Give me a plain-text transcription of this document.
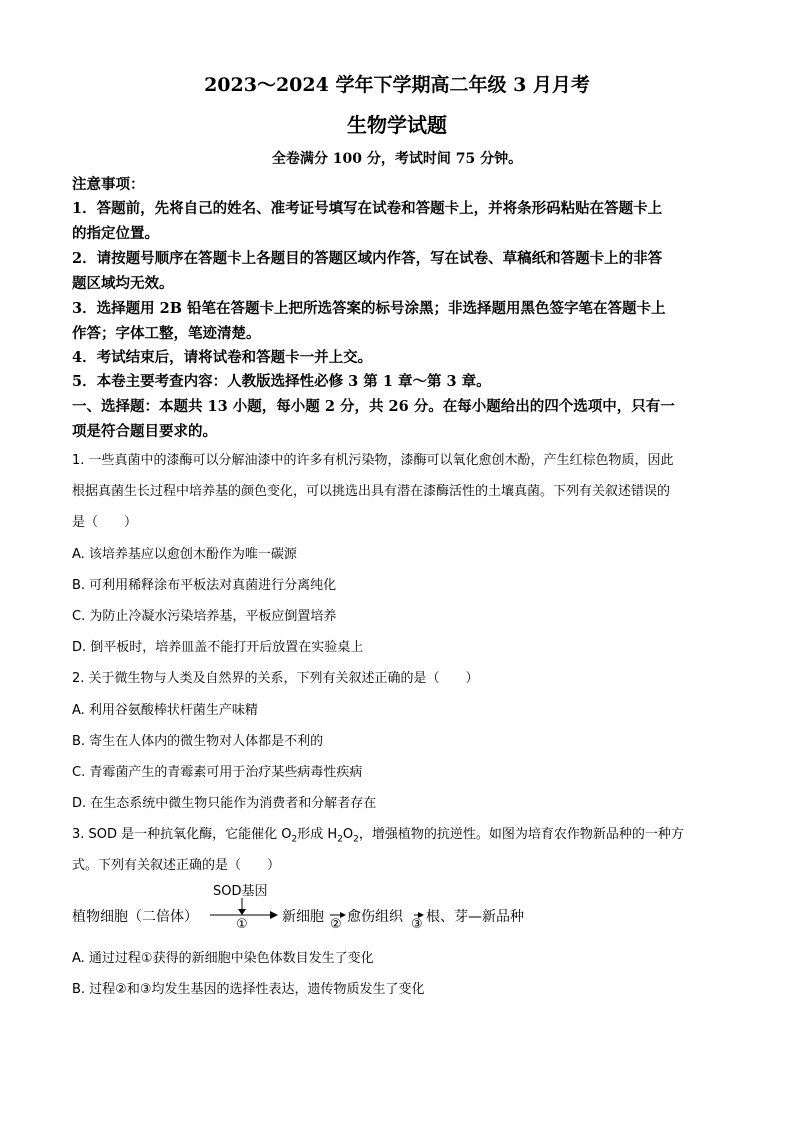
2023～2024 学年下学期高二年级 3 月月考
生物学试题
全卷满分 100 分，考试时间 75 分钟。
注意事项：
1．答题前，先将自己的姓名、准考证号填写在试卷和答题卡上，并将条形码粘贴在答题卡上
的指定位置。
2．请按题号顺序在答题卡上各题目的答题区域内作答，写在试卷、草稿纸和答题卡上的非答
题区域均无效。
3．选择题用 2B 铅笔在答题卡上把所选答案的标号涂黑；非选择题用黑色签字笔在答题卡上
作答；字体工整，笔迹清楚。
4．考试结束后，请将试卷和答题卡一并上交。
5．本卷主要考查内容：人教版选择性必修 3 第 1 章～第 3 章。
一、选择题：本题共 13 小题，每小题 2 分，共 26 分。在每小题给出的四个选项中，只有一
项是符合题目要求的。
1. 一些真菌中的漆酶可以分解油漆中的许多有机污染物，漆酶可以氧化愈创木酚，产生红棕色物质，因此
根据真菌生长过程中培养基的颜色变化，可以挑选出具有潜在漆酶活性的土壤真菌。下列有关叙述错误的
是（　　）
A. 该培养基应以愈创木酚作为唯一碳源
B. 可利用稀释涂布平板法对真菌进行分离纯化
C. 为防止冷凝水污染培养基，平板应倒置培养
D. 倒平板时，培养皿盖不能打开后放置在实验桌上
2. 关于微生物与人类及自然界的关系，下列有关叙述正确的是（　　）
A. 利用谷氨酸棒状杆菌生产味精
B. 寄生在人体内的微生物对人体都是不利的
C. 青霉菌产生的青霉素可用于治疗某些病毒性疾病
D. 在生态系统中微生物只能作为消费者和分解者存在
3. SOD 是一种抗氧化酶，它能催化 $O_2$形成 $H_2O_2$，增强植物的抗逆性。如图为培育农作物新品种的一种方
式。下列有关叙述正确的是（　　）
SOD基因
植物细胞（二倍体）	① 新细胞 ② 愈伤组织 ③ 根、芽—新品种
A. 通过过程①获得的新细胞中染色体数目发生了变化
B. 过程②和③均发生基因的选择性表达，遗传物质发生了变化
